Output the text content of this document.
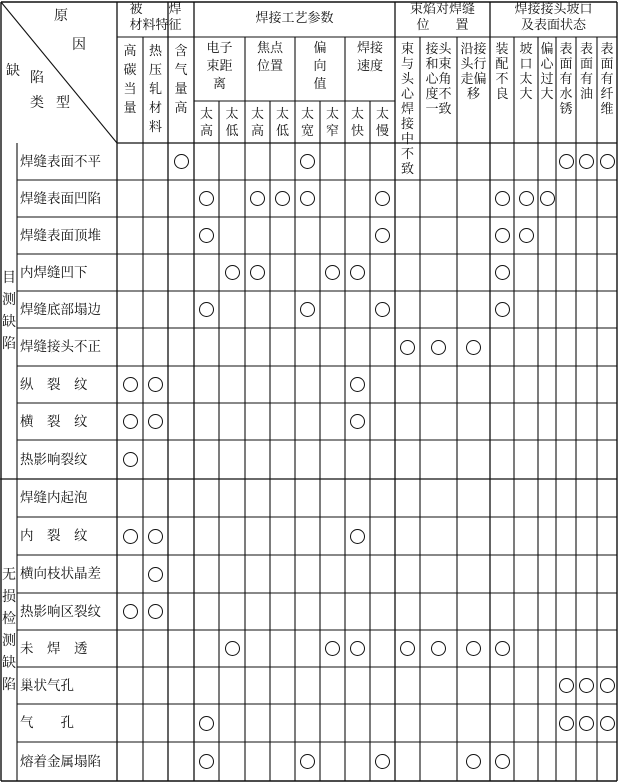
原
因
缺 陷
类 型
被　　焊
材料特征	焊接工艺参数
束焰对焊缝
位　　置
焊接接头坡口
及表面状态
电子
束距
离
焦点
位置
偏
向
值
焊接
速度
高碳当量
热压轧材料
含气量高 太高
太低
太高
太低
太宽
太窄
太快
太慢
束与头心焊接中不致
接头和束心角度不一致
沿接头行走偏移
装配不良
坡口太大
偏心过大
表面有水锈
表面有油
表面有纤维
目测缺陷
焊缝表面不平
焊缝表面凹陷
焊缝表面顶堆
内焊缝凹下
焊缝底部塌边
焊缝接头不正
纵　裂　纹
横　裂　纹
热影响裂纹
无损检测缺陷
焊缝内起泡
内　裂　纹
横向枝状晶差
热影响区裂纹
未　焊　透
巢状气孔
气　　孔
熔着金属塌陷
